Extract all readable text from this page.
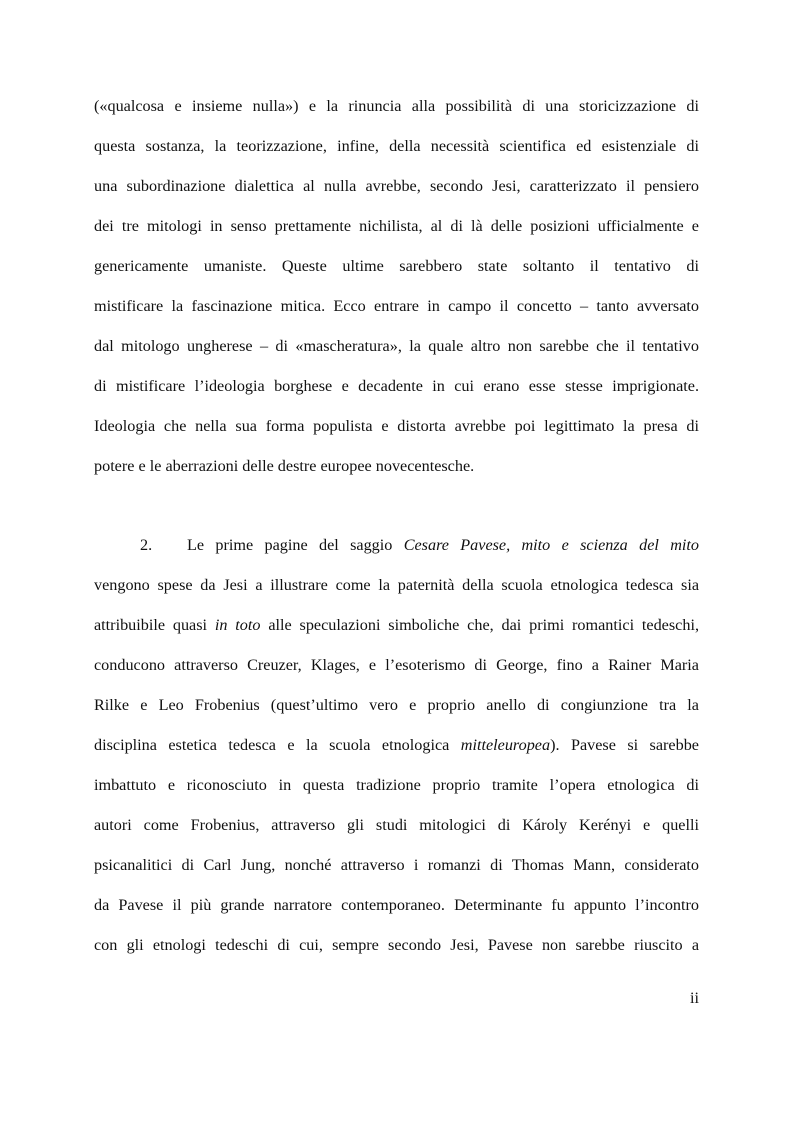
(«qualcosa e insieme nulla») e la rinuncia alla possibilità di una storicizzazione di
questa sostanza, la teorizzazione, infine, della necessità scientifica ed esistenziale di
una subordinazione dialettica al nulla avrebbe, secondo Jesi, caratterizzato il pensiero
dei tre mitologi in senso prettamente nichilista, al di là delle posizioni ufficialmente e
genericamente umaniste. Queste ultime sarebbero state soltanto il tentativo di
mistificare la fascinazione mitica. Ecco entrare in campo il concetto – tanto avversato
dal mitologo ungherese – di «mascheratura», la quale altro non sarebbe che il tentativo
di mistificare l’ideologia borghese e decadente in cui erano esse stesse imprigionate.
Ideologia che nella sua forma populista e distorta avrebbe poi legittimato la presa di
potere e le aberrazioni delle destre europee novecentesche.
2. Le prime pagine del saggio Cesare Pavese, mito e scienza del mito
vengono spese da Jesi a illustrare come la paternità della scuola etnologica tedesca sia
attribuibile quasi in toto alle speculazioni simboliche che, dai primi romantici tedeschi,
conducono attraverso Creuzer, Klages, e l’esoterismo di George, fino a Rainer Maria
Rilke e Leo Frobenius (quest’ultimo vero e proprio anello di congiunzione tra la
disciplina estetica tedesca e la scuola etnologica mitteleuropea). Pavese si sarebbe
imbattuto e riconosciuto in questa tradizione proprio tramite l’opera etnologica di
autori come Frobenius, attraverso gli studi mitologici di Károly Kerényi e quelli
psicanalitici di Carl Jung, nonché attraverso i romanzi di Thomas Mann, considerato
da Pavese il più grande narratore contemporaneo. Determinante fu appunto l’incontro
con gli etnologi tedeschi di cui, sempre secondo Jesi, Pavese non sarebbe riuscito a
ii
